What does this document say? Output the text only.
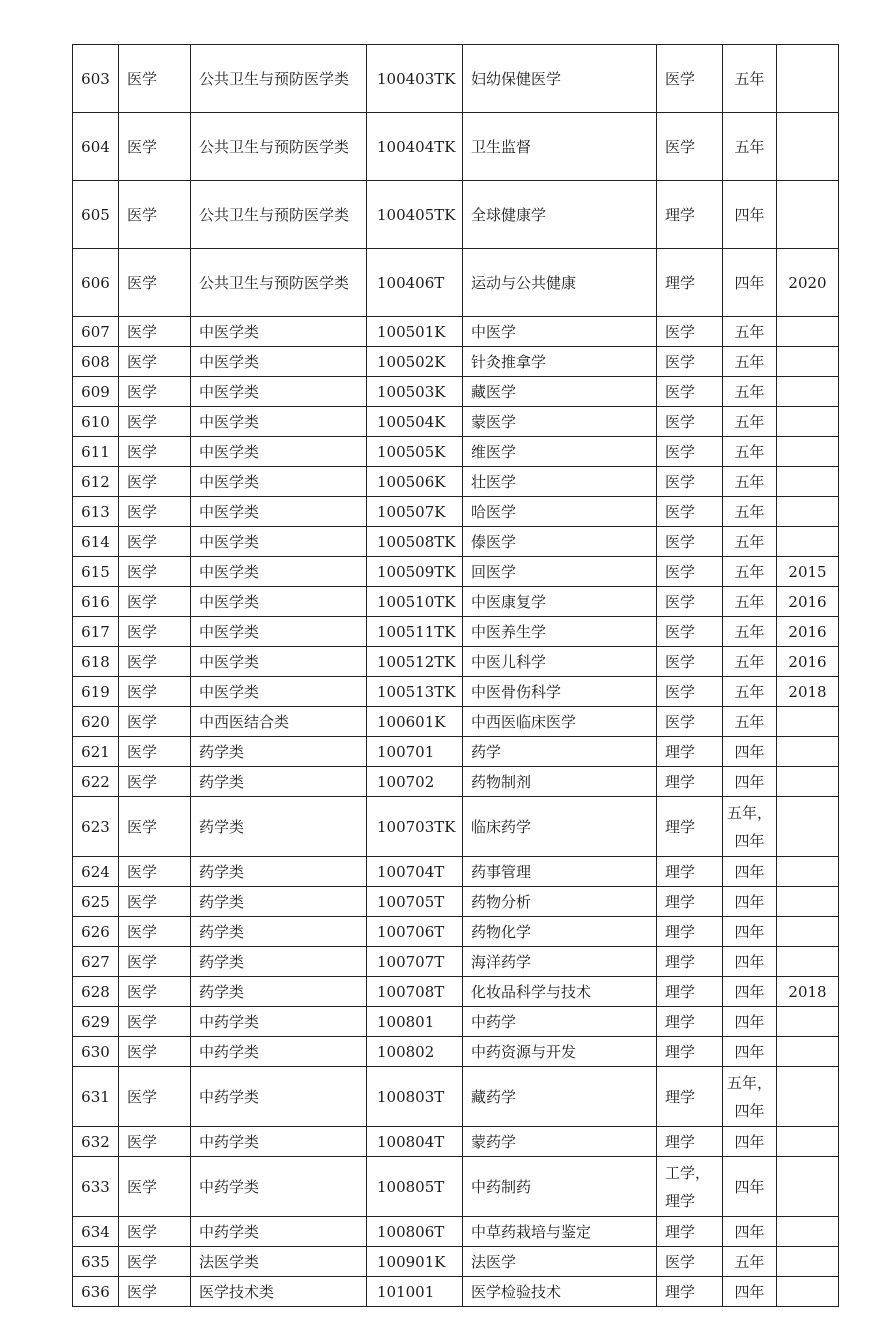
603	医学	公共卫生与预防医学类	100403TK	妇幼保健医学	医学	五年	
604	医学	公共卫生与预防医学类	100404TK	卫生监督	医学	五年	
605	医学	公共卫生与预防医学类	100405TK	全球健康学	理学	四年	
606	医学	公共卫生与预防医学类	100406T	运动与公共健康	理学	四年	2020
607	医学	中医学类	100501K	中医学	医学	五年	
608	医学	中医学类	100502K	针灸推拿学	医学	五年	
609	医学	中医学类	100503K	藏医学	医学	五年	
610	医学	中医学类	100504K	蒙医学	医学	五年	
611	医学	中医学类	100505K	维医学	医学	五年	
612	医学	中医学类	100506K	壮医学	医学	五年	
613	医学	中医学类	100507K	哈医学	医学	五年	
614	医学	中医学类	100508TK	傣医学	医学	五年	
615	医学	中医学类	100509TK	回医学	医学	五年	2015
616	医学	中医学类	100510TK	中医康复学	医学	五年	2016
617	医学	中医学类	100511TK	中医养生学	医学	五年	2016
618	医学	中医学类	100512TK	中医儿科学	医学	五年	2016
619	医学	中医学类	100513TK	中医骨伤科学	医学	五年	2018
620	医学	中西医结合类	100601K	中西医临床医学	医学	五年	
621	医学	药学类	100701	药学	理学	四年	
622	医学	药学类	100702	药物制剂	理学	四年	
623	医学	药学类	100703TK	临床药学	理学	五年，四年	
624	医学	药学类	100704T	药事管理	理学	四年	
625	医学	药学类	100705T	药物分析	理学	四年	
626	医学	药学类	100706T	药物化学	理学	四年	
627	医学	药学类	100707T	海洋药学	理学	四年	
628	医学	药学类	100708T	化妆品科学与技术	理学	四年	2018
629	医学	中药学类	100801	中药学	理学	四年	
630	医学	中药学类	100802	中药资源与开发	理学	四年	
631	医学	中药学类	100803T	藏药学	理学	五年，四年	
632	医学	中药学类	100804T	蒙药学	理学	四年	
633	医学	中药学类	100805T	中药制药	工学，理学	四年	
634	医学	中药学类	100806T	中草药栽培与鉴定	理学	四年	
635	医学	法医学类	100901K	法医学	医学	五年	
636	医学	医学技术类	101001	医学检验技术	理学	四年	
